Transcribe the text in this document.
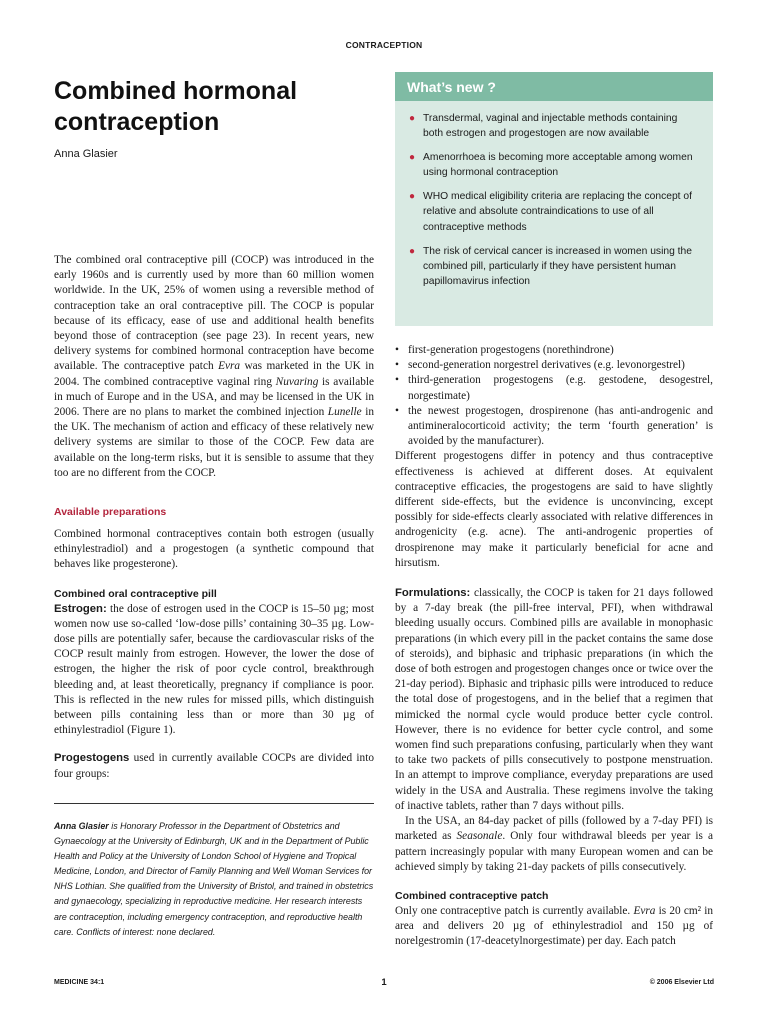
CONTRACEPTION
Combined hormonal contraception
Anna Glasier
What’s new ?
● Transdermal, vaginal and injectable methods containing both estrogen and progestogen are now available
● Amenorrhoea is becoming more acceptable among women using hormonal contraception
● WHO medical eligibility criteria are replacing the concept of relative and absolute contraindications to use of all contraceptive methods
● The risk of cervical cancer is increased in women using the combined pill, particularly if they have persistent human papillomavirus infection

The combined oral contraceptive pill (COCP) was introduced in the early 1960s and is currently used by more than 60 million women worldwide. In the UK, 25% of women using a reversible method of contraception take an oral contraceptive pill. The COCP is popular because of its efficacy, ease of use and additional health benefits beyond those of contraception (see page 23). In recent years, new delivery systems for combined hormonal contraception have become available. The contraceptive patch Evra was marketed in the UK in 2004. The combined contraceptive vaginal ring Nuvaring is available in much of Europe and in the USA, and may be licensed in the UK in 2006. There are no plans to market the combined injection Lunelle in the UK. The mechanism of action and efficacy of these relatively new delivery systems are similar to those of the COCP. Few data are available on the long-term risks, but it is sensible to assume that they too are no different from the COCP.

Available preparations

Combined hormonal contraceptives contain both estrogen (usually ethinylestradiol) and a progestogen (a synthetic compound that behaves like progesterone).

Combined oral contraceptive pill

Estrogen: the dose of estrogen used in the COCP is 15–50 µg; most women now use so-called ‘low-dose pills’ containing 30–35 µg. Low-dose pills are potentially safer, because the cardiovascular risks of the COCP result mainly from estrogen. However, the lower the dose of estrogen, the higher the risk of poor cycle control, breakthrough bleeding and, at least theoretically, pregnancy if compliance is poor. This is reflected in the new rules for missed pills, which distinguish between pills containing less than or more than 30 µg of ethinylestradiol (Figure 1).

Progestogens used in currently available COCPs are divided into four groups:

Anna Glasier is Honorary Professor in the Department of Obstetrics and Gynaecology at the University of Edinburgh, UK and in the Department of Public Health and Policy at the University of London School of Hygiene and Tropical Medicine, London, and Director of Family Planning and Well Woman Services for NHS Lothian. She qualified from the University of Bristol, and trained in obstetrics and gynaecology, specializing in reproductive medicine. Her research interests are contraception, including emergency contraception, and reproductive health care. Conflicts of interest: none declared.
• first-generation progestogens (norethindrone)
• second-generation norgestrel derivatives (e.g. levonorgestrel)
• third-generation progestogens (e.g. gestodene, desogestrel, norgestimate)
• the newest progestogen, drospirenone (has anti-androgenic and antimineralocorticoid activity; the term ‘fourth generation’ is avoided by the manufacturer).

Different progestogens differ in potency and thus contraceptive effectiveness is achieved at different doses. At equivalent contraceptive efficacies, the progestogens are said to have slightly different side-effects, but the evidence is unconvincing, except possibly for side-effects clearly associated with relative differences in androgenicity (e.g. acne). The anti-androgenic properties of drospirenone may make it particularly beneficial for acne and hirsutism.

Formulations: classically, the COCP is taken for 21 days followed by a 7-day break (the pill-free interval, PFI), when withdrawal bleeding usually occurs. Combined pills are available in monophasic preparations (in which every pill in the packet contains the same dose of steroids), and biphasic and triphasic preparations (in which the dose of both estrogen and progestogen changes once or twice over the 21-day period). Biphasic and triphasic pills were introduced to reduce the total dose of progestogens, and in the belief that a regimen that mimicked the normal cycle would produce better cycle control. However, there is no evidence for better cycle control, and some women find such preparations confusing, particularly when they want to take two packets of pills consecutively to postpone menstruation. In an attempt to improve compliance, everyday preparations are used widely in the USA and Australia. These regimens involve the taking of inactive tablets, rather than 7 days without pills.

In the USA, an 84-day packet of pills (followed by a 7-day PFI) is marketed as Seasonale. Only four withdrawal bleeds per year is a pattern increasingly popular with many European women and can be achieved simply by taking 21-day packets of pills consecutively.

Combined contraceptive patch

Only one contraceptive patch is currently available. Evra is 20 cm² in area and delivers 20 µg of ethinylestradiol and 150 µg of norelgestromin (17-deacetylnorgestimate) per day. Each patch

MEDICINE 34:1	1	© 2006 Elsevier Ltd
